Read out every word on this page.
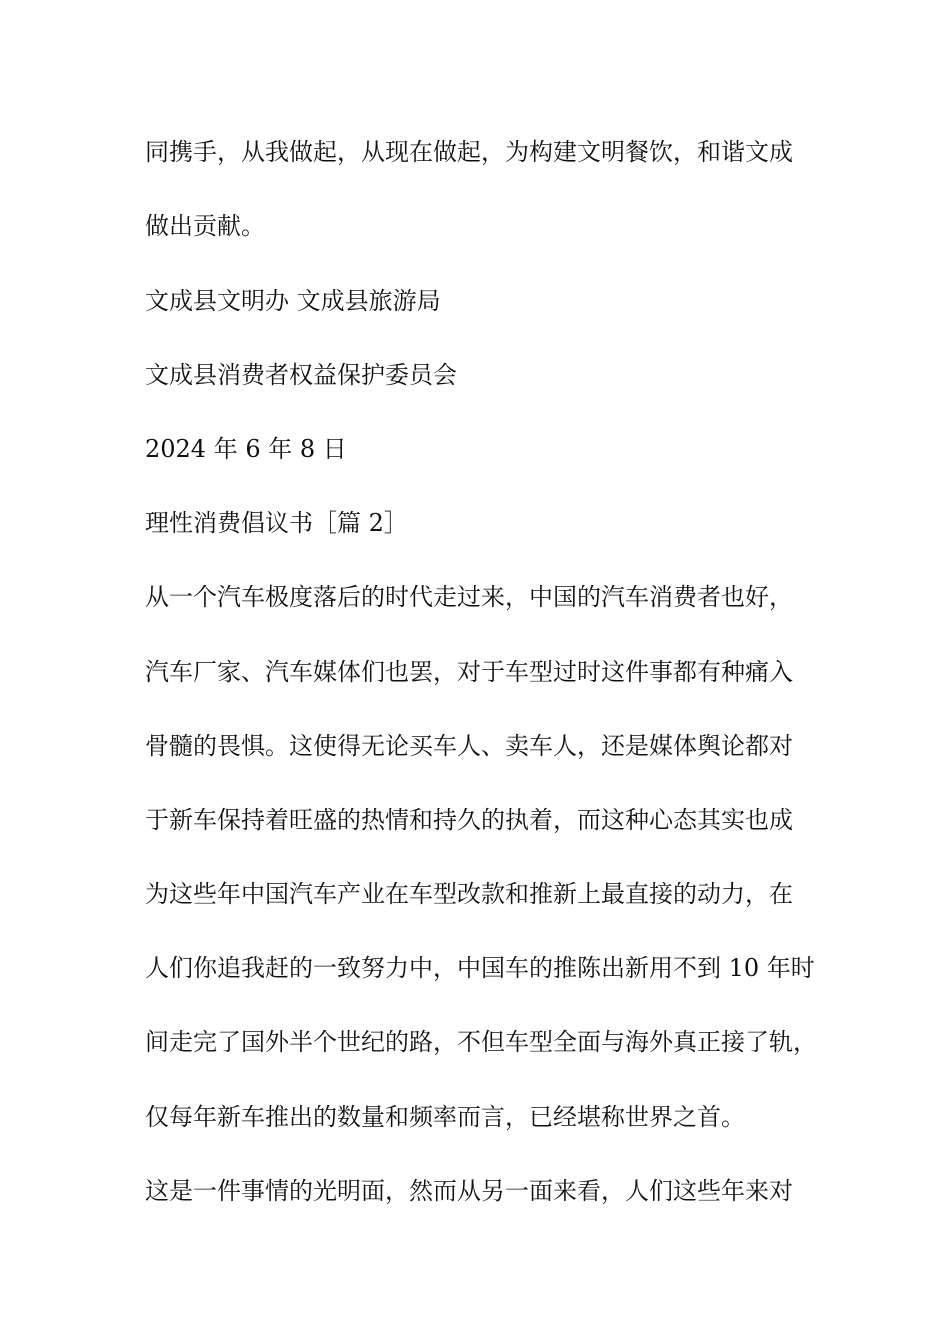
同携手，从我做起，从现在做起，为构建文明餐饮，和谐文成
做出贡献。
文成县文明办 文成县旅游局
文成县消费者权益保护委员会
2024 年 6 年 8 日
理性消费倡议书［篇 2］
从一个汽车极度落后的时代走过来，中国的汽车消费者也好，
汽车厂家、汽车媒体们也罢，对于车型过时这件事都有种痛入
骨髓的畏惧。这使得无论买车人、卖车人，还是媒体舆论都对
于新车保持着旺盛的热情和持久的执着，而这种心态其实也成
为这些年中国汽车产业在车型改款和推新上最直接的动力，在
人们你追我赶的一致努力中，中国车的推陈出新用不到 10 年时
间走完了国外半个世纪的路，不但车型全面与海外真正接了轨，
仅每年新车推出的数量和频率而言，已经堪称世界之首。
这是一件事情的光明面，然而从另一面来看，人们这些年来对
